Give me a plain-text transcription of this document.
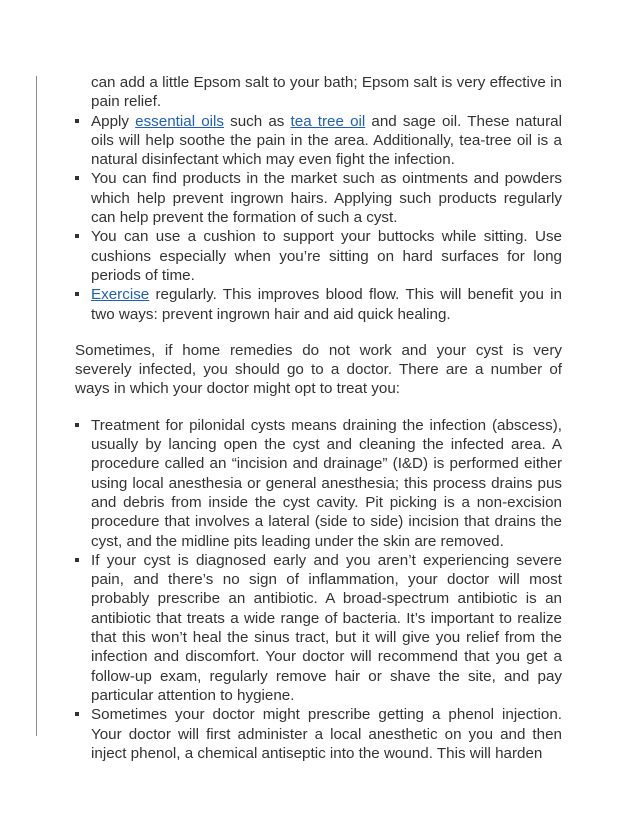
can add a little Epsom salt to your bath; Epsom salt is very effective in pain relief.

Apply essential oils such as tea tree oil and sage oil. These natural oils will help soothe the pain in the area. Additionally, tea-tree oil is a natural disinfectant which may even fight the infection.
You can find products in the market such as ointments and powders which help prevent ingrown hairs. Applying such products regularly can help prevent the formation of such a cyst.
You can use a cushion to support your buttocks while sitting. Use cushions especially when you’re sitting on hard surfaces for long periods of time.
Exercise regularly. This improves blood flow. This will benefit you in two ways: prevent ingrown hair and aid quick healing.

Sometimes, if home remedies do not work and your cyst is very severely infected, you should go to a doctor. There are a number of ways in which your doctor might opt to treat you:

Treatment for pilonidal cysts means draining the infection (abscess), usually by lancing open the cyst and cleaning the infected area. A procedure called an “incision and drainage” (I&D) is performed either using local anesthesia or general anesthesia; this process drains pus and debris from inside the cyst cavity. Pit picking is a non-excision procedure that involves a lateral (side to side) incision that drains the cyst, and the midline pits leading under the skin are removed.
If your cyst is diagnosed early and you aren’t experiencing severe pain, and there’s no sign of inflammation, your doctor will most probably prescribe an antibiotic. A broad-spectrum antibiotic is an antibiotic that treats a wide range of bacteria. It’s important to realize that this won’t heal the sinus tract, but it will give you relief from the infection and discomfort. Your doctor will recommend that you get a follow-up exam, regularly remove hair or shave the site, and pay particular attention to hygiene.
Sometimes your doctor might prescribe getting a phenol injection. Your doctor will first administer a local anesthetic on you and then inject phenol, a chemical antiseptic into the wound. This will harden
